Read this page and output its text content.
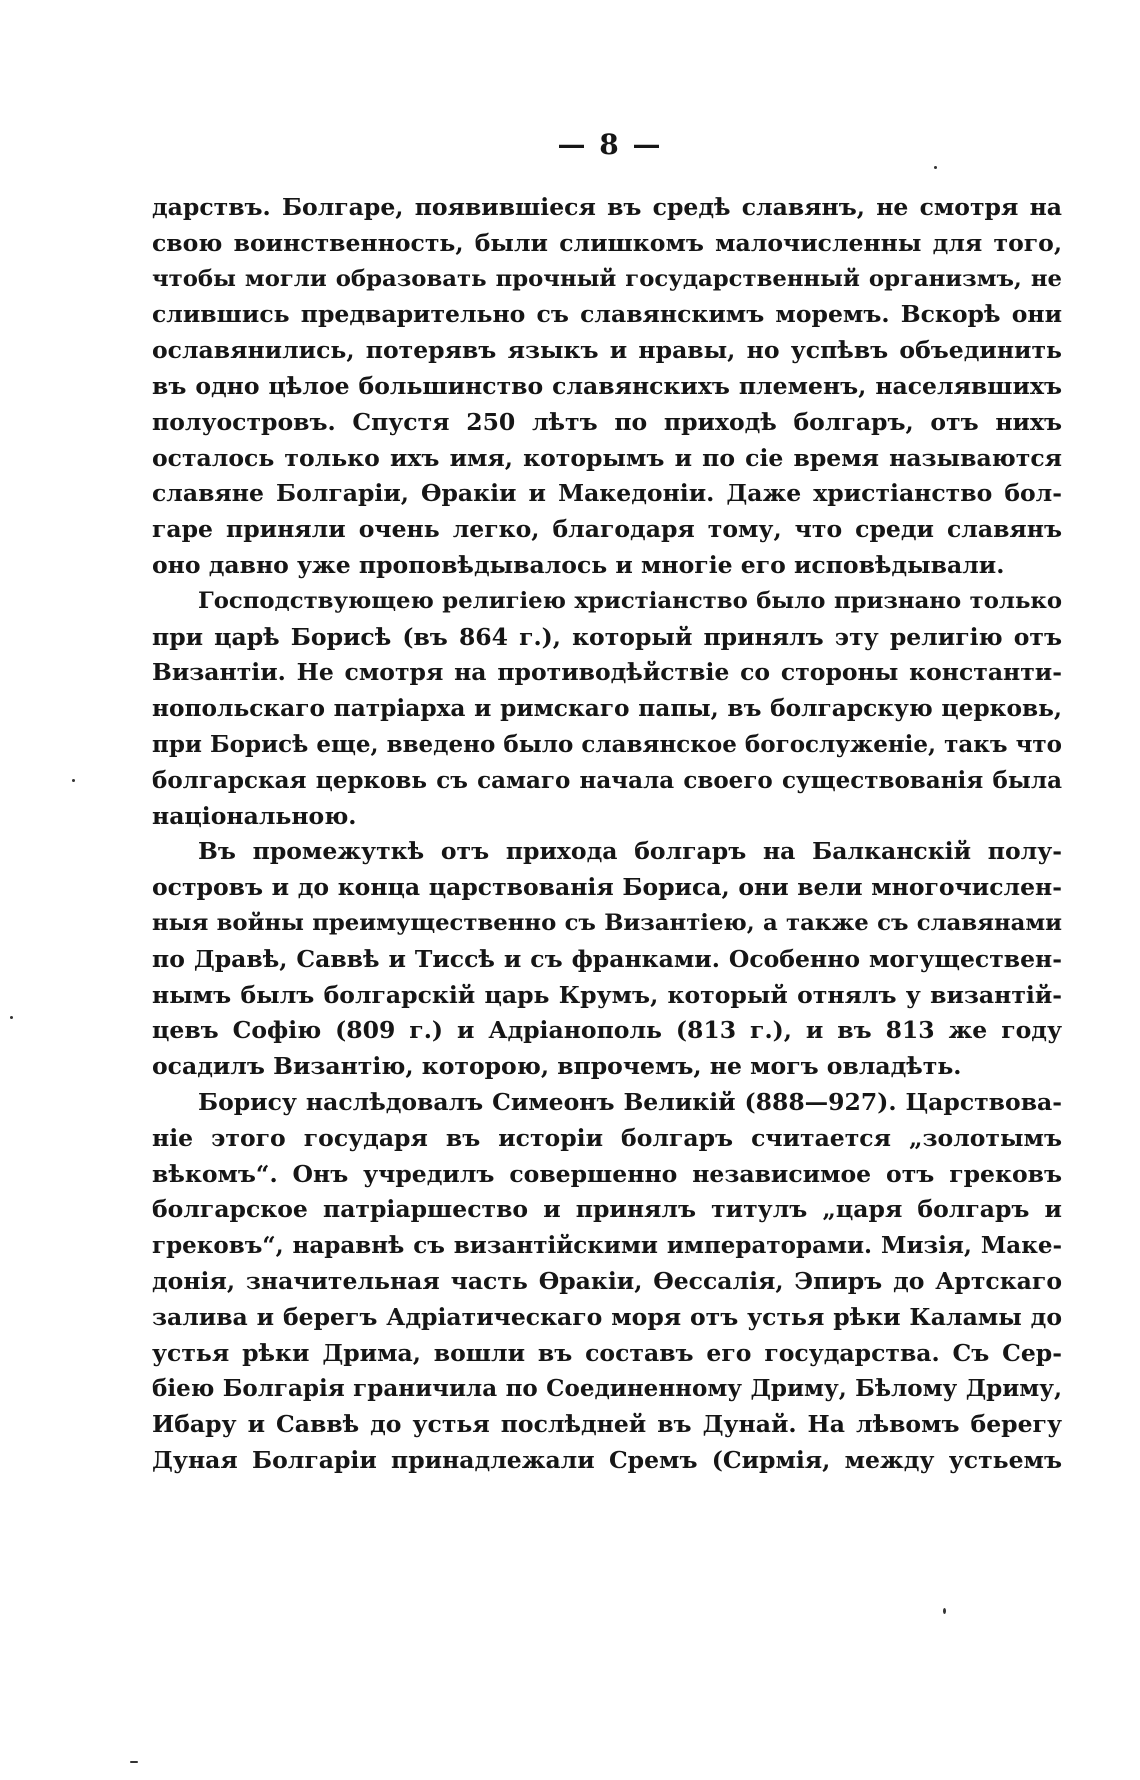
— 8 —
дарствъ. Болгаре, появившіеся въ средѣ славянъ, не смотря на
свою воинственность, были слишкомъ малочисленны для того,
чтобы могли образовать прочный государственный организмъ, не
слившись предварительно съ славянскимъ моремъ. Вскорѣ они
ославянились, потерявъ языкъ и нравы, но успѣвъ объединить
въ одно цѣлое большинство славянскихъ племенъ, населявшихъ
полуостровъ. Спустя 250 лѣтъ по приходѣ болгаръ, отъ нихъ
осталось только ихъ имя, которымъ и по сіе время называются
славяне Болгаріи, Ѳракіи и Македоніи. Даже христіанство бол-
гаре приняли очень легко, благодаря тому, что среди славянъ
оно давно уже проповѣдывалось и многіе его исповѣдывали.
Господствующею религіею христіанство было признано только
при царѣ Борисѣ (въ 864 г.), который принялъ эту религію отъ
Византіи. Не смотря на противодѣйствіе со стороны константи-
нопольскаго патріарха и римскаго папы, въ болгарскую церковь,
при Борисѣ еще, введено было славянское богослуженіе, такъ что
болгарская церковь съ самаго начала своего существованія была
національною.
Въ промежуткѣ отъ прихода болгаръ на Балканскій полу-
островъ и до конца царствованія Бориса, они вели многочислен-
ныя войны преимущественно съ Византіею, а также съ славянами
по Дравѣ, Саввѣ и Тиссѣ и съ франками. Особенно могуществен-
нымъ былъ болгарскій царь Крумъ, который отнялъ у византій-
цевъ Софію (809 г.) и Адріанополь (813 г.), и въ 813 же году
осадилъ Византію, которою, впрочемъ, не могъ овладѣть.
Борису наслѣдовалъ Симеонъ Великій (888—927). Царствова-
ніе этого государя въ исторіи болгаръ считается „золотымъ
вѣкомъ“. Онъ учредилъ совершенно независимое отъ грековъ
болгарское патріаршество и принялъ титулъ „царя болгаръ и
грековъ“, наравнѣ съ византійскими императорами. Мизія, Маке-
донія, значительная часть Ѳракіи, Ѳессалія, Эпиръ до Артскаго
залива и берегъ Адріатическаго моря отъ устья рѣки Каламы до
устья рѣки Дрима, вошли въ составъ его государства. Съ Сер-
біею Болгарія граничила по Соединенному Дриму, Бѣлому Дриму,
Ибару и Саввѣ до устья послѣдней въ Дунай. На лѣвомъ берегу
Дуная Болгаріи принадлежали Сремъ (Сирмія, между устьемъ
